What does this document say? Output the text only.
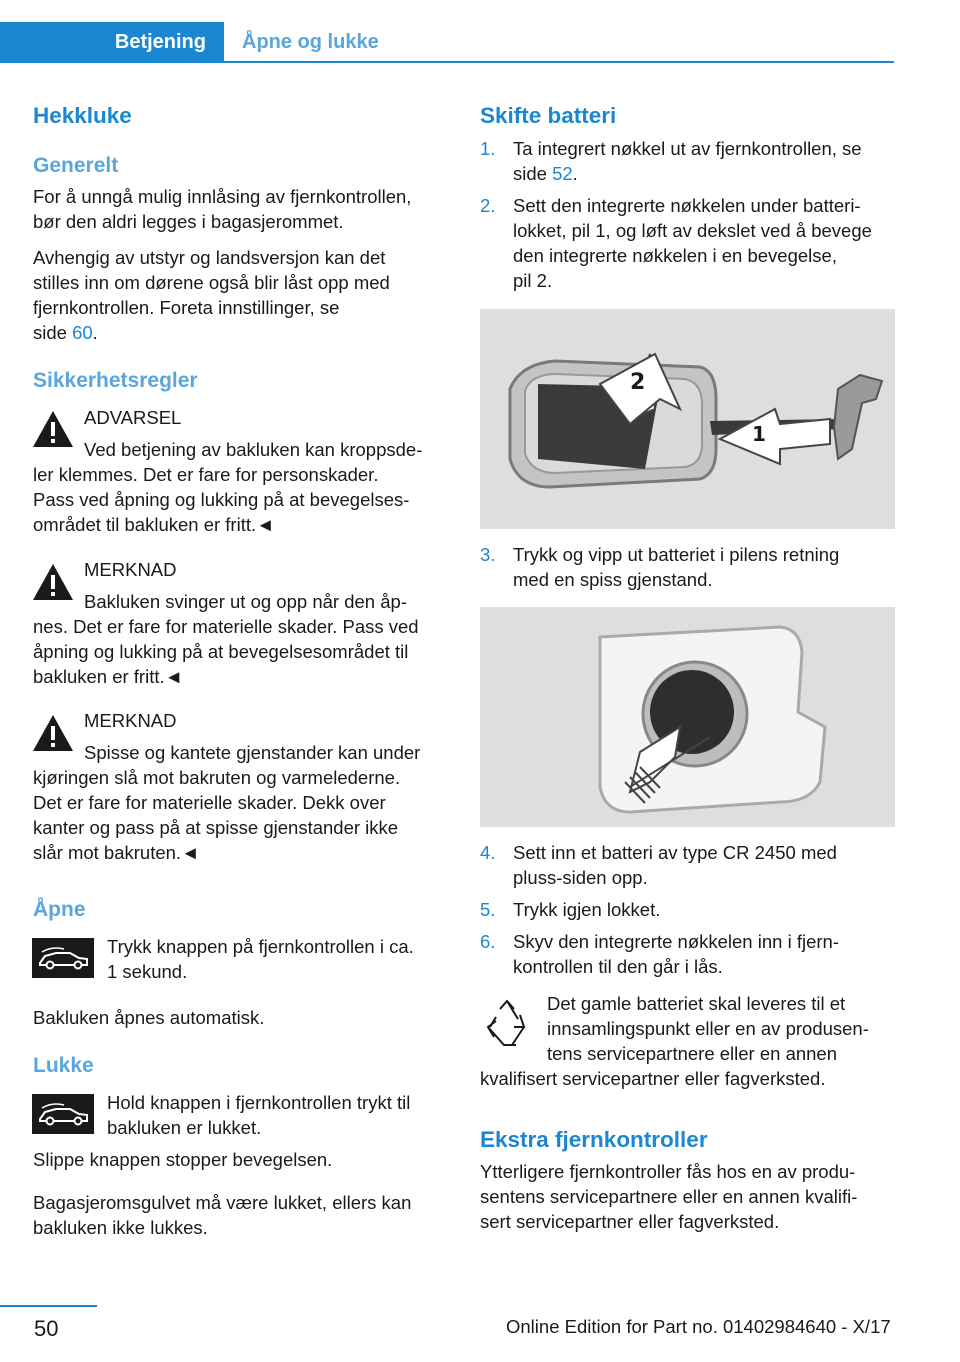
Betjening	Åpne og lukke
Hekkluke
Generelt
For å unngå mulig innlåsing av fjernkontrollen,
bør den aldri legges i bagasjerommet.
Avhengig av utstyr og landsversjon kan det
stilles inn om dørene også blir låst opp med
fjernkontrollen. Foreta innstillinger, se
side 60.
Sikkerhetsregler
ADVARSEL
Ved betjening av bakluken kan kroppsde‐
ler klemmes. Det er fare for personskader.
Pass ved åpning og lukking på at bevegelses‐
området til bakluken er fritt.◄
MERKNAD
Bakluken svinger ut og opp når den åp‐
nes. Det er fare for materielle skader. Pass ved
åpning og lukking på at bevegelsesområdet til
bakluken er fritt.◄
MERKNAD
Spisse og kantete gjenstander kan under
kjøringen slå mot bakruten og varmelederne.
Det er fare for materielle skader. Dekk over
kanter og pass på at spisse gjenstander ikke
slår mot bakruten.◄
Åpne
Trykk knappen på fjernkontrollen i ca.
1 sekund.
Bakluken åpnes automatisk.
Lukke
Hold knappen i fjernkontrollen trykt til
bakluken er lukket.
Slippe knappen stopper bevegelsen.
Bagasjeromsgulvet må være lukket, ellers kan
bakluken ikke lukkes.
Skifte batteri
1. Ta integrert nøkkel ut av fjernkontrollen, se
side 52.
2. Sett den integrerte nøkkelen under batteri‐
lokket, pil 1, og løft av dekslet ved å bevege
den integrerte nøkkelen i en bevegelse,
pil 2.
2
1
3. Trykk og vipp ut batteriet i pilens retning
med en spiss gjenstand.
4. Sett inn et batteri av type CR 2450 med
pluss-siden opp.
5. Trykk igjen lokket.
6. Skyv den integrerte nøkkelen inn i fjern‐
kontrollen til den går i lås.
Det gamle batteriet skal leveres til et
innsamlingspunkt eller en av produsen‐
tens servicepartnere eller en annen
kvalifisert servicepartner eller fagverksted.
Ekstra fjernkontroller
Ytterligere fjernkontroller fås hos en av produ‐
sentens servicepartnere eller en annen kvalifi‐
sert servicepartner eller fagverksted.
50	Online Edition for Part no. 01402984640 - X/17
